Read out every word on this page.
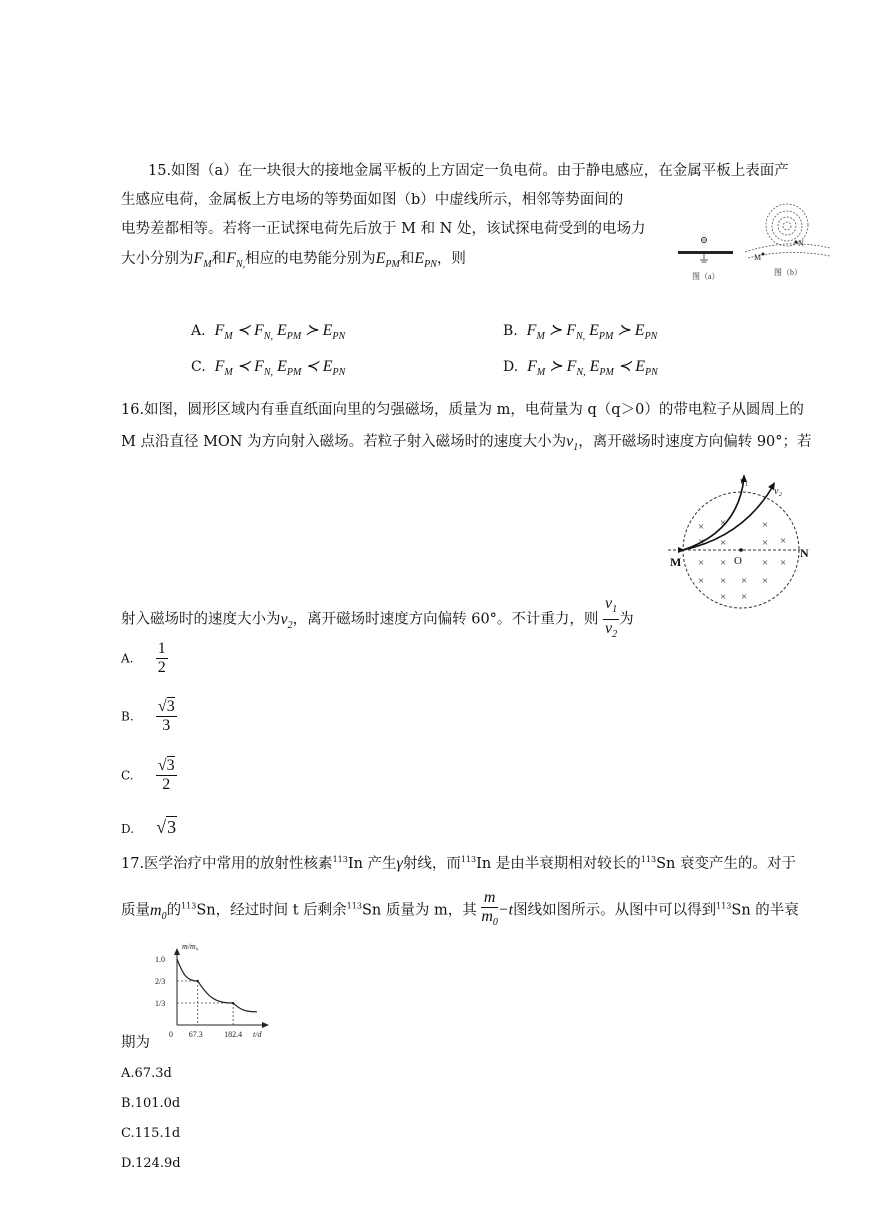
15.如图（a）在一块很大的接地金属平板的上方固定一负电荷。由于静电感应，在金属平板上表面产
生感应电荷，金属板上方电场的等势面如图（b）中虚线所示，相邻等势面间的
电势差都相等。若将一正试探电荷先后放于 M 和 N 处，该试探电荷受到的电场力
大小分别为$F_M$和$F_{N,}$相应的电势能分别为$E_{PM}$和$E_{PN}$，则
图（a）
N
M
图（b）
A. $F_M$ ≺ $F_{N,}$ $E_{PM}$ ≻ $E_{PN}$	B. $F_M$ ≻ $F_{N,}$ $E_{PM}$ ≻ $E_{PN}$
C. $F_M$ ≺ $F_{N,}$ $E_{PM}$ ≺ $E_{PN}$	D. $F_M$ ≻ $F_{N,}$ $E_{PM}$ ≺ $E_{PN}$
16.如图，圆形区域内有垂直纸面向里的匀强磁场，质量为 m，电荷量为 q（q＞0）的带电粒子从圆周上的
M 点沿直径 MON 为方向射入磁场。若粒子射入磁场时的速度大小为$v_1$，离开磁场时速度方向偏转 90°；若
× ×	×
× ×	× ×
× ×	× ×
× × × ×
× ×
v₁
v₂
M	O
N
射入磁场时的速度大小为$v_2$，离开磁场时速度方向偏转 60°。不计重力，则 $\frac{v_1}{v_2}$ 为
A. $\frac{1}{2}$
B. $\frac{√3}{3}$
C. $\frac{√3}{2}$
D. √3
17.医学治疗中常用的放射性核素$^{113}$In 产生γ射线，而$^{113}$In 是由半衰期相对较长的$^{113}$Sn 衰变产生的。对于
质量$m_0$的$^{113}$Sn，经过时间 t 后剩余$^{113}$Sn 质量为 m，其 $\frac{m}{m_0} -t$图线如图所示。从图中可以得到$^{113}$Sn 的半衰
m/m₀
t/d
1.0
2/3
1/3
0 67.3	182.4
期为
A.67.3d
B.101.0d
C.115.1d
D.124.9d
